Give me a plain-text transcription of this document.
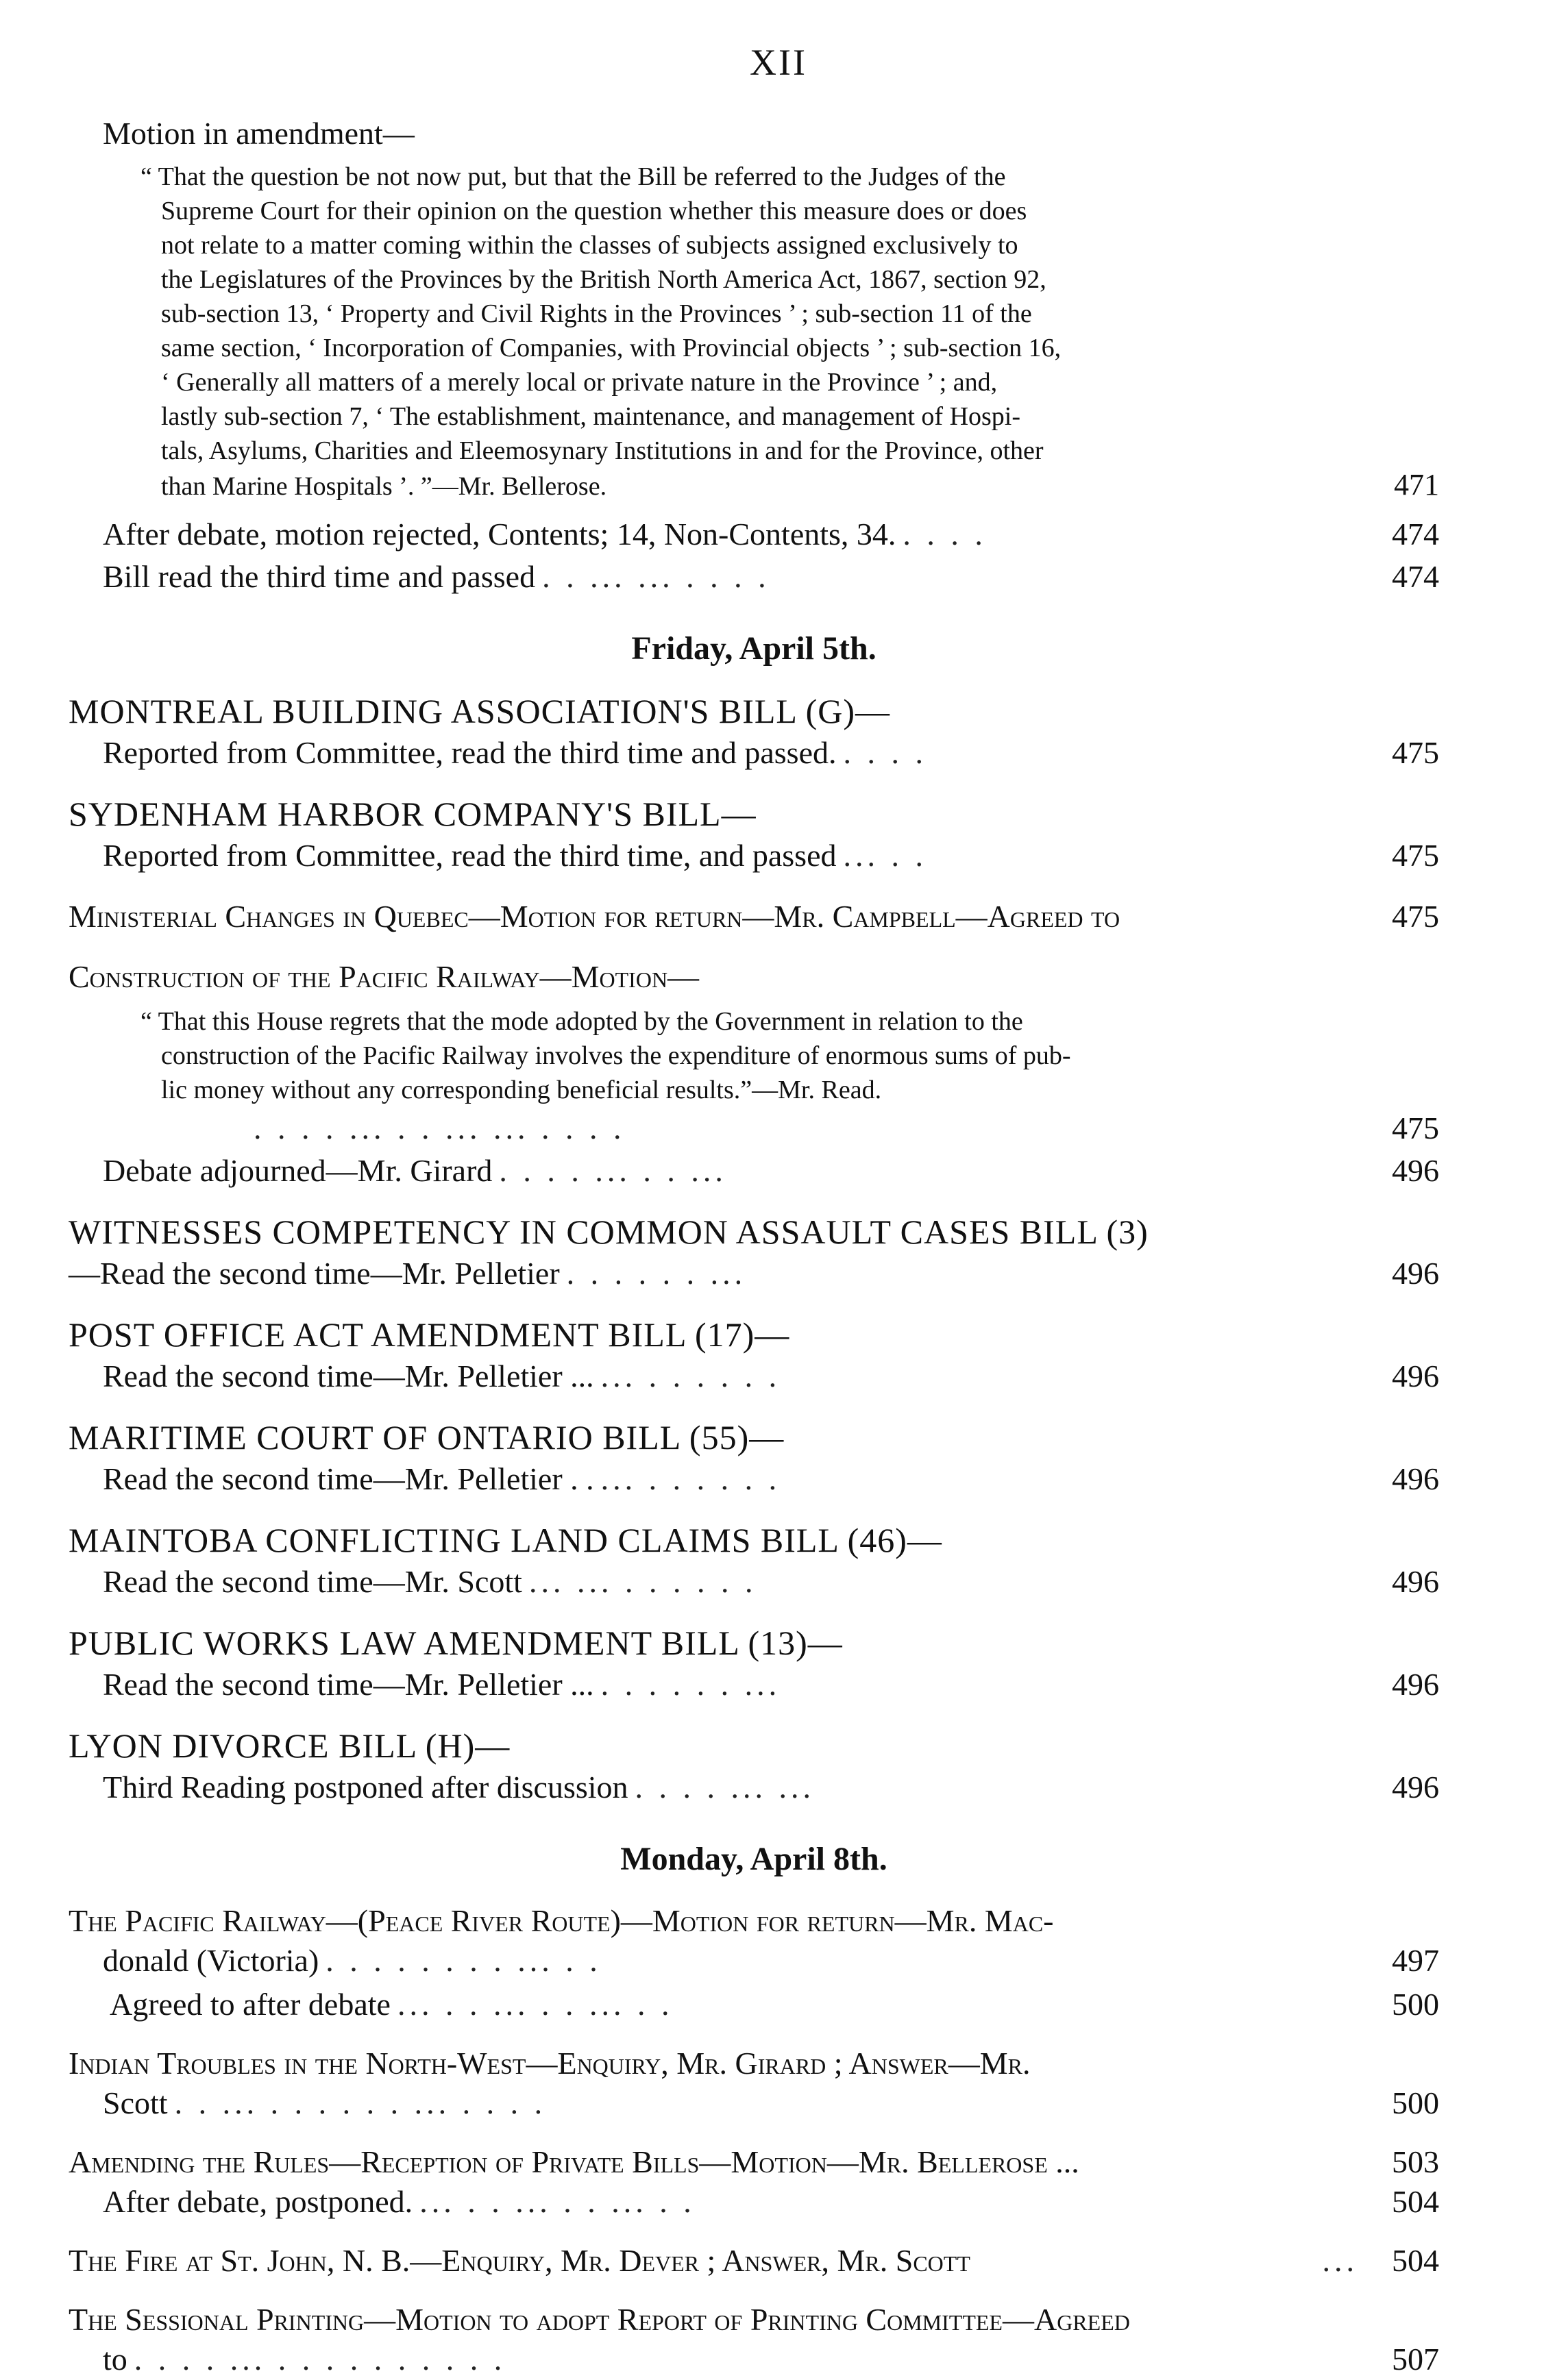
XII
Motion in amendment—
“ That the question be not now put, but that the Bill be referred to the Judges of the
Supreme Court for their opinion on the question whether this measure does or does
not relate to a matter coming within the classes of subjects assigned exclusively to
the Legislatures of the Provinces by the British North America Act, 1867, section 92,
sub-section 13, ‘ Property and Civil Rights in the Provinces ’ ; sub-section 11 of the
same section, ‘ Incorporation of Companies, with Provincial objects ’ ; sub-section 16,
‘ Generally all matters of a merely local or private nature in the Province ’ ; and,
lastly sub-section 7, ‘ The establishment, maintenance, and management of Hospi-
tals, Asylums, Charities and Eleemosynary Institutions in and for the Province, other
than Marine Hospitals ’. ”—Mr. Bellerose.	471
After debate, motion rejected, Contents; 14, Non-Contents, 34. . . . .	474
Bill read the third time and passed . . ... ... . . . .	474
Friday, April 5th.
MONTREAL BUILDING ASSOCIATION'S BILL (G)—
Reported from Committee, read the third time and passed. . . . .	475
SYDENHAM HARBOR COMPANY'S BILL—
Reported from Committee, read the third time, and passed ... . .	475
Ministerial Changes in Quebec—Motion for return—Mr. Campbell—Agreed to	475
Construction of the Pacific Railway—Motion—
“ That this House regrets that the mode adopted by the Government in relation to the
construction of the Pacific Railway involves the expenditure of enormous sums of pub-
lic money without any corresponding beneficial results.”—Mr. Read.
. . . . ... . . ... ... . . . .	475
Debate adjourned—Mr. Girard . . . . ... . . ...	496
WITNESSES COMPETENCY IN COMMON ASSAULT CASES BILL (3)
—Read the second time—Mr. Pelletier . . . . . . ...	496
POST OFFICE ACT AMENDMENT BILL (17)—
Read the second time—Mr. Pelletier ... ... . . . . . .	496
MARITIME COURT OF ONTARIO BILL (55)—
Read the second time—Mr. Pelletier . . ... . . . . . .	496
MAINTOBA CONFLICTING LAND CLAIMS BILL (46)—
Read the second time—Mr. Scott ... ... . . . . . .	496
PUBLIC WORKS LAW AMENDMENT BILL (13)—
Read the second time—Mr. Pelletier ... . . . . . . ...	496
LYON DIVORCE BILL (H)—
Third Reading postponed after discussion . . . . ... ...	496
Monday, April 8th.
The Pacific Railway—(Peace River Route)—Motion for return—Mr. Mac-
donald (Victoria) . . . . . . . . ... . .	497
Agreed to after debate ... . . ... . . ... . .	500
Indian Troubles in the North-West—Enquiry, Mr. Girard ; Answer—Mr.
Scott . . ... . . . . . . ... . . . .	500
Amending the Rules—Reception of Private Bills—Motion—Mr. Bellerose ...	503
After debate, postponed. ... . . ... . . ... . .	504
The Fire at St. John, N. B.—Enquiry, Mr. Dever ; Answer, Mr. Scott	...	504
The Sessional Printing—Motion to adopt Report of Printing Committee—Agreed
to . . . . ... . . . . . . . . . .	507
